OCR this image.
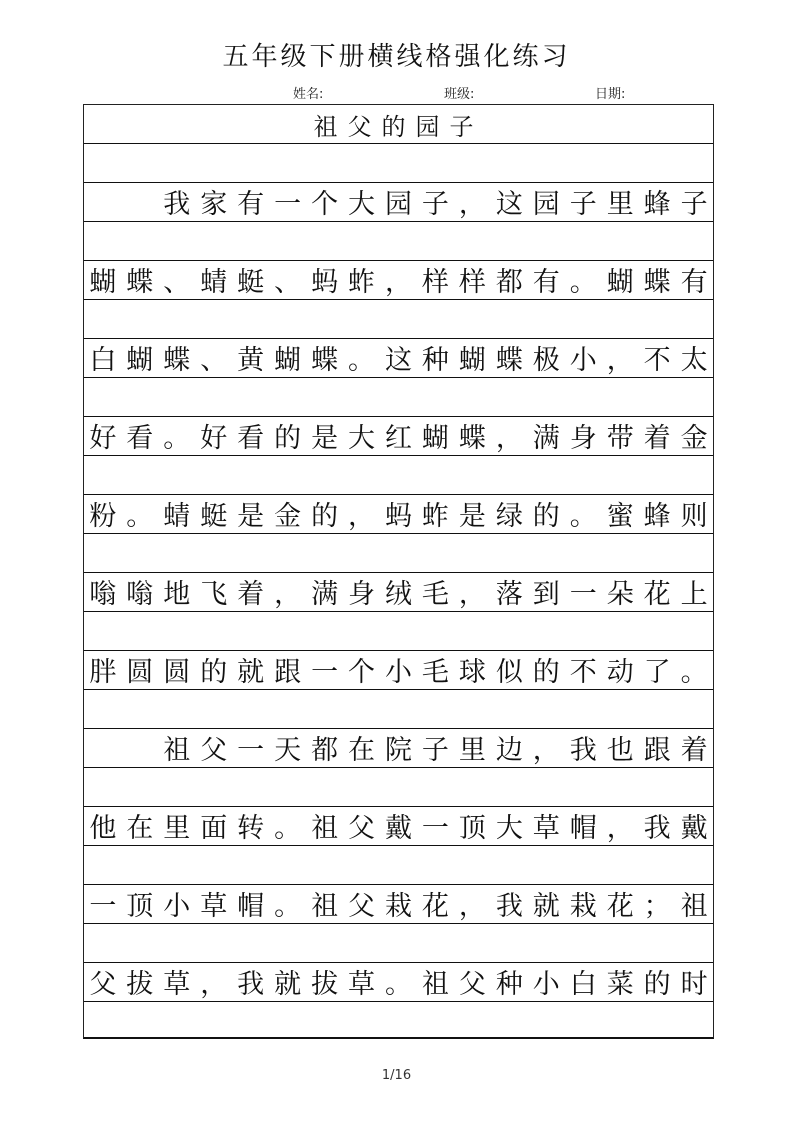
五年级下册横线格强化练习
姓名:	班级:	日期:
祖父的园子

我 家 有 一 个 大 园 子 ， 这 园 子 里 蜂 子
蝴 蝶 、 蜻 蜓 、 蚂 蚱 ， 样 样 都 有 。 蝴 蝶 有
白 蝴 蝶 、 黄 蝴 蝶 。 这 种 蝴 蝶 极 小 ， 不 太
好 看 。 好 看 的 是 大 红 蝴 蝶 ， 满 身 带 着 金
粉 。 蜻 蜓 是 金 的 ， 蚂 蚱 是 绿 的 。 蜜 蜂 则
嗡 嗡 地 飞 着 ， 满 身 绒 毛 ， 落 到 一 朵 花 上
胖 圆 圆 的 就 跟 一 个 小 毛 球 似 的 不 动 了 。

祖 父 一 天 都 在 院 子 里 边 ， 我 也 跟 着
他 在 里 面 转 。 祖 父 戴 一 顶 大 草 帽 ， 我 戴
一 顶 小 草 帽 。 祖 父 栽 花 ， 我 就 栽 花 ； 祖
父 拔 草 ， 我 就 拔 草 。 祖 父 种 小 白 菜 的 时
1/16
